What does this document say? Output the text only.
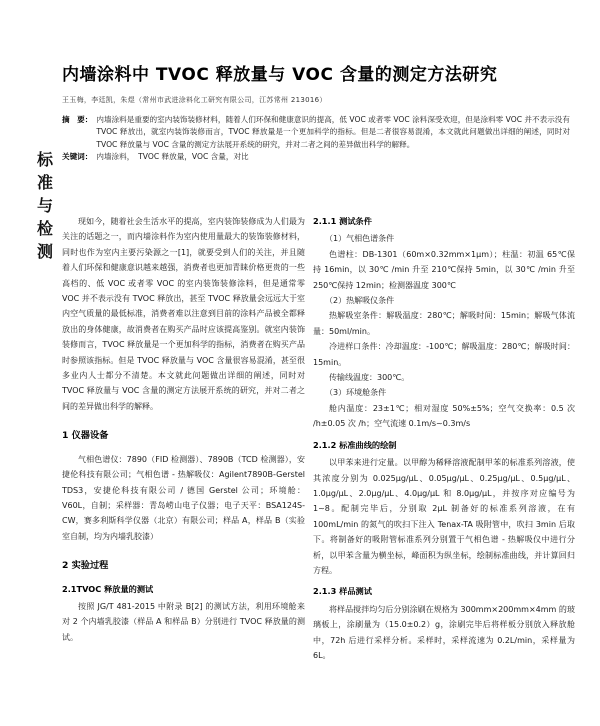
内墙涂料中 TVOC 释放量与 VOC 含量的测定方法研究
王玉梅，李廷凯，朱煜（常州市武进涂料化工研究有限公司，江苏常州 213016）
标
准
与
检
测
摘　要： 内墙涂料是重要的室内装饰装修材料，随着人们环保和健康意识的提高，低 VOC 或者零 VOC 涂料深受欢迎，但是涂料零 VOC 并不表示没有 TVOC 释放出，就室内装饰装修而言，TVOC 释放量是一个更加科学的指标。但是二者很容易混淆，本文就此问题做出详细的阐述，同时对 TVOC 释放量与 VOC 含量的测定方法展开系统的研究，并对二者之间的差异做出科学的解释。
关键词： 内墙涂料，　TVOC 释放量，VOC 含量，对比

现如今，随着社会生活水平的提高，室内装饰装修成为人们最为关注的话题之一，而内墙涂料作为室内使用量最大的装饰装修材料，同时也作为室内主要污染源之一[1]，就要受到人们的关注，并且随着人们环保和健康意识越来越强，消费者也更加青睐价格更贵的一些高档的、低 VOC 或者零 VOC 的室内装饰装修涂料，但是通常零 VOC 并不表示没有 TVOC 释放出，甚至 TVOC 释放量会远远大于室内空气质量的最低标准，消费者难以注意到目前的涂料产品被全都释放出的身体健康，故消费者在购买产品时应该提高鉴别。就室内装饰装修而言，TVOC 释放量是一个更加科学的指标，消费者在购买产品时参照该指标。但是 TVOC 释放量与 VOC 含量很容易混淆，甚至很多业内人士都分不清楚。本文就此问题做出详细的阐述，同时对 TVOC 释放量与 VOC 含量的测定方法展开系统的研究，并对二者之间的差异做出科学的解释。

1 仪器设备

气相色谱仪：7890（FID 检测器）、7890B（TCD 检测器），安捷伦科技有限公司；气相色谱 - 热解吸仪：Agilent7890B-Gerstel TDS3，安捷伦科技有限公司 / 德国 Gerstel 公司；环境舱：V60L，自制；采样器：青岛崂山电子仪器；电子天平：BSA124S-CW，赛多利斯科学仪器（北京）有限公司；样品 A，样品 B（实验室自制，均为内墙乳胶漆）

2 实验过程
2.1TVOC 释放量的测试

按照 JG/T 481-2015 中附录 B[2] 的测试方法，利用环境舱来对 2 个内墙乳胶漆（样品 A 和样品 B）分别进行 TVOC 释放量的测试。

2.1.1 测试条件
（1）气相色谱条件

色谱柱：DB-1301（60m×0.32mm×1μm）；柱温：初温 65℃保持 16min，以 30℃ /min 升至 210℃保持 5min，以 30℃ /min 升至 250℃保持 12min；检测器温度 300℃

（2）热解吸仪条件

热解吸室条件：解吸温度：280℃；解吸时间：15min；解吸气体流量：50ml/min。

冷进样口条件：冷却温度：-100℃；解吸温度：280℃；解吸时间：15min。

传输线温度：300℃。

（3）环境舱条件

舱内温度：23±1℃；相对湿度 50%±5%；空气交换率：0.5 次 /h±0.05 次 /h；空气流速 0.1m/s~0.3m/s

2.1.2 标准曲线的绘制

以甲苯来进行定量。以甲醇为稀释溶液配制甲苯的标准系列溶液，使其浓度分别为 0.025μg/μL、0.05μg/μL、0.25μg/μL、0.5μg/μL、1.0μg/μL、2.0μg/μL、4.0μg/μL 和 8.0μg/μL，并按序对应编号为 1~8。配制完毕后，分别取 2μL 制备好的标准系列溶液，在有 100mL/min 的氮气的吹扫下注入 Tenax-TA 吸附管中，吹扫 3min 后取下。将制备好的吸附管标准系列分别置于气相色谱 - 热解吸仪中进行分析，以甲苯含量为横坐标，峰面积为纵坐标，绘制标准曲线，并计算回归方程。

2.1.3 样品测试

将样品搅拌均匀后分别涂刷在规格为 300mm×200mm×4mm 的玻璃板上，涂刷量为（15.0±0.2）g，涂刷完毕后将样板分别放入释放舱中，72h 后进行采样分析。采样时，采样流速为 0.2L/min，采样量为 6L。
